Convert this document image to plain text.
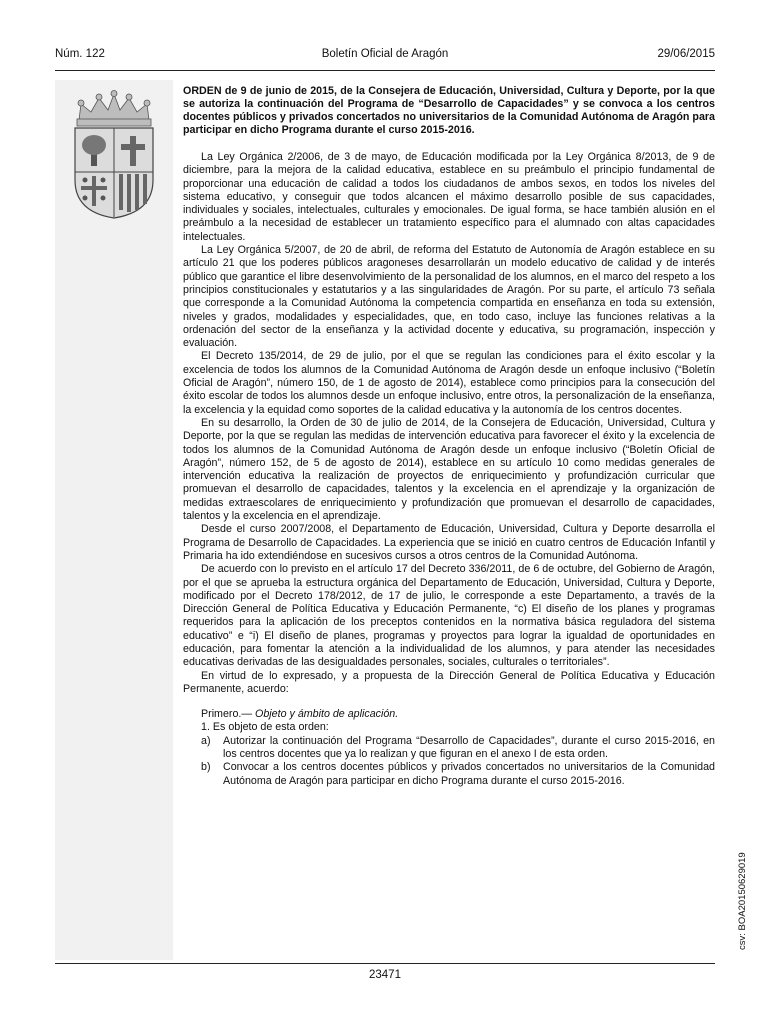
Núm. 122	Boletín Oficial de Aragón	29/06/2015

ORDEN de 9 de junio de 2015, de la Consejera de Educación, Universidad, Cultura y Deporte, por la que se autoriza la continuación del Programa de “Desarrollo de Capacidades” y se convoca a los centros docentes públicos y privados concertados no universitarios de la Comunidad Autónoma de Aragón para participar en dicho Programa durante el curso 2015-2016.

La Ley Orgánica 2/2006, de 3 de mayo, de Educación modificada por la Ley Orgánica 8/2013, de 9 de diciembre, para la mejora de la calidad educativa, establece en su preámbulo el principio fundamental de proporcionar una educación de calidad a todos los ciudadanos de ambos sexos, en todos los niveles del sistema educativo, y conseguir que todos alcancen el máximo desarrollo posible de sus capacidades, individuales y sociales, intelectuales, culturales y emocionales. De igual forma, se hace también alusión en el preámbulo a la necesidad de establecer un tratamiento específico para el alumnado con altas capacidades intelectuales.

La Ley Orgánica 5/2007, de 20 de abril, de reforma del Estatuto de Autonomía de Aragón establece en su artículo 21 que los poderes públicos aragoneses desarrollarán un modelo educativo de calidad y de interés público que garantice el libre desenvolvimiento de la personalidad de los alumnos, en el marco del respeto a los principios constitucionales y estatutarios y a las singularidades de Aragón. Por su parte, el artículo 73 señala que corresponde a la Comunidad Autónoma la competencia compartida en enseñanza en toda su extensión, niveles y grados, modalidades y especialidades, que, en todo caso, incluye las funciones relativas a la ordenación del sector de la enseñanza y la actividad docente y educativa, su programación, inspección y evaluación.

El Decreto 135/2014, de 29 de julio, por el que se regulan las condiciones para el éxito escolar y la excelencia de todos los alumnos de la Comunidad Autónoma de Aragón desde un enfoque inclusivo (“Boletín Oficial de Aragón”, número 150, de 1 de agosto de 2014), establece como principios para la consecución del éxito escolar de todos los alumnos desde un enfoque inclusivo, entre otros, la personalización de la enseñanza, la excelencia y la equidad como soportes de la calidad educativa y la autonomía de los centros docentes.

En su desarrollo, la Orden de 30 de julio de 2014, de la Consejera de Educación, Universidad, Cultura y Deporte, por la que se regulan las medidas de intervención educativa para favorecer el éxito y la excelencia de todos los alumnos de la Comunidad Autónoma de Aragón desde un enfoque inclusivo (“Boletín Oficial de Aragón”, número 152, de 5 de agosto de 2014), establece en su artículo 10 como medidas generales de intervención educativa la realización de proyectos de enriquecimiento y profundización curricular que promuevan el desarrollo de capacidades, talentos y la excelencia en el aprendizaje y la organización de medidas extraescolares de enriquecimiento y profundización que promuevan el desarrollo de capacidades, talentos y la excelencia en el aprendizaje.

Desde el curso 2007/2008, el Departamento de Educación, Universidad, Cultura y Deporte desarrolla el Programa de Desarrollo de Capacidades. La experiencia que se inició en cuatro centros de Educación Infantil y Primaria ha ido extendiéndose en sucesivos cursos a otros centros de la Comunidad Autónoma.

De acuerdo con lo previsto en el artículo 17 del Decreto 336/2011, de 6 de octubre, del Gobierno de Aragón, por el que se aprueba la estructura orgánica del Departamento de Educación, Universidad, Cultura y Deporte, modificado por el Decreto 178/2012, de 17 de julio, le corresponde a este Departamento, a través de la Dirección General de Política Educativa y Educación Permanente, “c) El diseño de los planes y programas requeridos para la aplicación de los preceptos contenidos en la normativa básica reguladora del sistema educativo” e “i) El diseño de planes, programas y proyectos para lograr la igualdad de oportunidades en educación, para fomentar la atención a la individualidad de los alumnos, y para atender las necesidades educativas derivadas de las desigualdades personales, sociales, culturales o territoriales”.

En virtud de lo expresado, y a propuesta de la Dirección General de Política Educativa y Educación Permanente, acuerdo:

Primero.— Objeto y ámbito de aplicación.

1. Es objeto de esta orden:

a) Autorizar la continuación del Programa “Desarrollo de Capacidades”, durante el curso 2015-2016, en los centros docentes que ya lo realizan y que figuran en el anexo I de esta orden.

b) Convocar a los centros docentes públicos y privados concertados no universitarios de la Comunidad Autónoma de Aragón para participar en dicho Programa durante el curso 2015-2016.

23471
csv: BOA20150629019
